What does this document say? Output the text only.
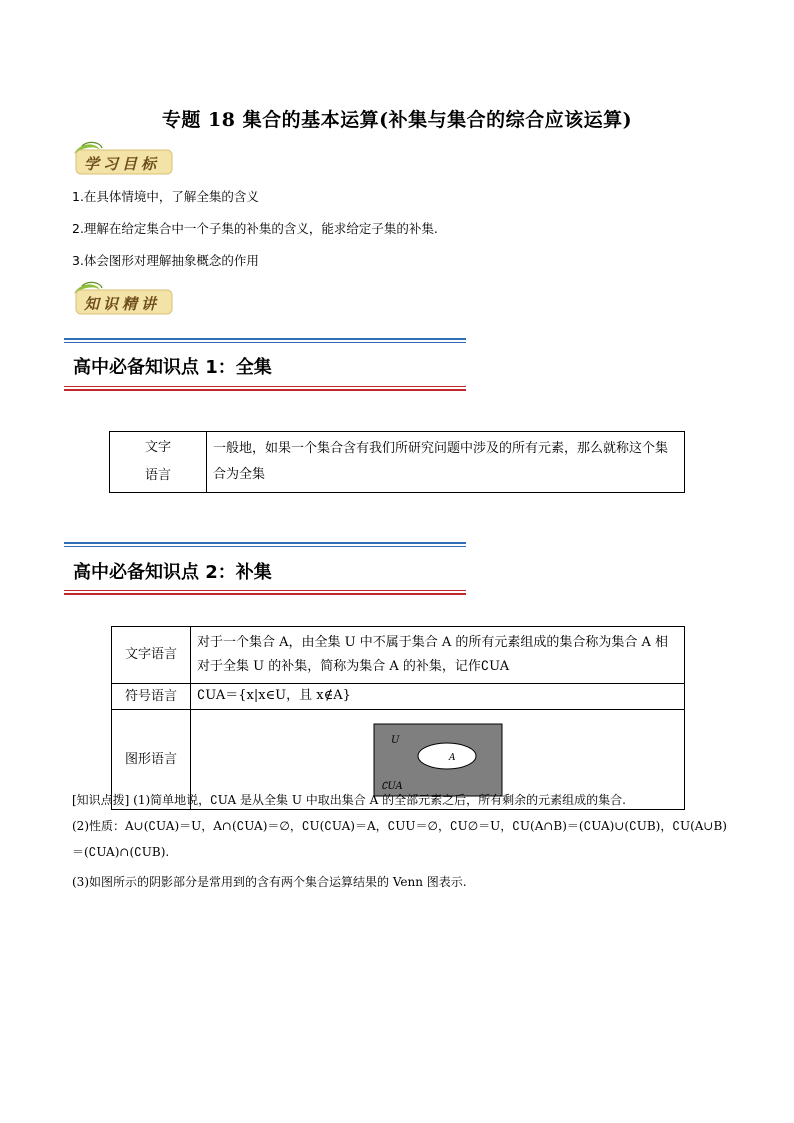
专题 18 集合的基本运算(补集与集合的综合应该运算)
学习目标
1.在具体情境中，了解全集的含义
2.理解在给定集合中一个子集的补集的含义，能求给定子集的补集.
3.体会图形对理解抽象概念的作用
知识精讲
高中必备知识点 1：全集
文字
语言
	一般地，如果一个集合含有我们所研究问题中涉及的所有元素，那么就称这个集合为全集
高中必备知识点 2：补集
文字语言	对于一个集合 A，由全集 U 中不属于集合 A 的所有元素组成的集合称为集合 A 相对于全集 U 的补集，简称为集合 A 的补集，记作∁UA
符号语言	∁UA＝{x|x∈U，且 x∉A}
图形语言	U
A
∁UA
[知识点拨] (1)简单地说，∁UA 是从全集 U 中取出集合 A 的全部元素之后，所有剩余的元素组成的集合.
(2)性质：A∪(∁UA)＝U，A∩(∁UA)＝∅，∁U(∁UA)＝A，∁UU＝∅，∁U∅＝U，∁U(A∩B)＝(∁UA)∪(∁UB)，∁U(A∪B)
＝(∁UA)∩(∁UB).
(3)如图所示的阴影部分是常用到的含有两个集合运算结果的 Venn 图表示.
